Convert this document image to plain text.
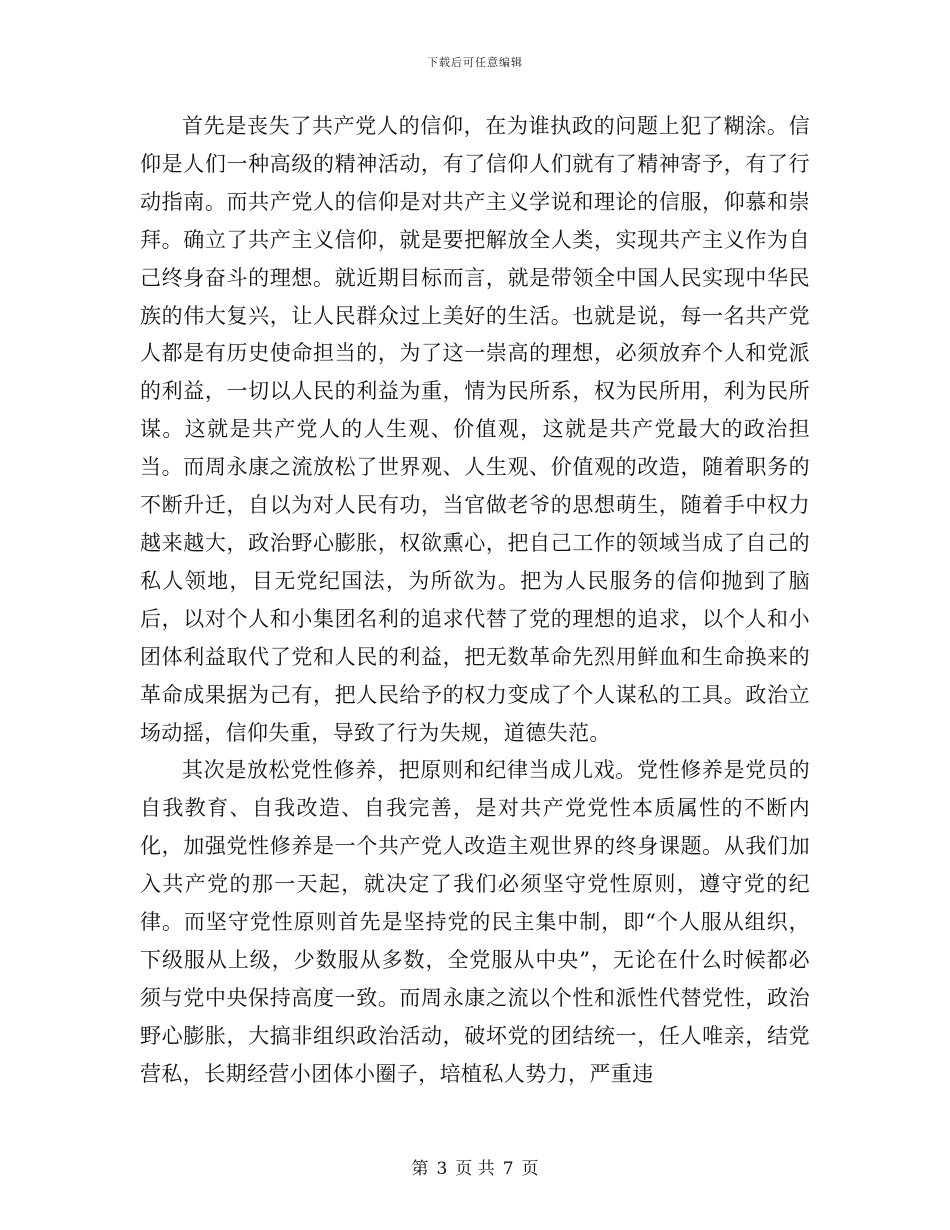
下载后可任意编辑

首先是丧失了共产党人的信仰，在为谁执政的问题上犯了糊涂。信仰是人们一种高级的精神活动，有了信仰人们就有了精神寄予，有了行动指南。而共产党人的信仰是对共产主义学说和理论的信服，仰慕和崇拜。确立了共产主义信仰，就是要把解放全人类，实现共产主义作为自己终身奋斗的理想。就近期目标而言，就是带领全中国人民实现中华民族的伟大复兴，让人民群众过上美好的生活。也就是说，每一名共产党人都是有历史使命担当的，为了这一崇高的理想，必须放弃个人和党派的利益，一切以人民的利益为重，情为民所系，权为民所用，利为民所谋。这就是共产党人的人生观、价值观，这就是共产党最大的政治担当。而周永康之流放松了世界观、人生观、价值观的改造，随着职务的不断升迁，自以为对人民有功，当官做老爷的思想萌生，随着手中权力越来越大，政治野心膨胀，权欲熏心，把自己工作的领域当成了自己的私人领地，目无党纪国法，为所欲为。把为人民服务的信仰抛到了脑后，以对个人和小集团名利的追求代替了党的理想的追求，以个人和小团体利益取代了党和人民的利益，把无数革命先烈用鲜血和生命换来的革命成果据为己有，把人民给予的权力变成了个人谋私的工具。政治立场动摇，信仰失重，导致了行为失规，道德失范。

其次是放松党性修养，把原则和纪律当成儿戏。党性修养是党员的自我教育、自我改造、自我完善，是对共产党党性本质属性的不断内化，加强党性修养是一个共产党人改造主观世界的终身课题。从我们加入共产党的那一天起，就决定了我们必须坚守党性原则，遵守党的纪律。而坚守党性原则首先是坚持党的民主集中制，即“个人服从组织，下级服从上级，少数服从多数，全党服从中央”，无论在什么时候都必须与党中央保持高度一致。而周永康之流以个性和派性代替党性，政治野心膨胀，大搞非组织政治活动，破坏党的团结统一，任人唯亲，结党营私，长期经营小团体小圈子，培植私人势力，严重违

第 3 页 共 7 页
